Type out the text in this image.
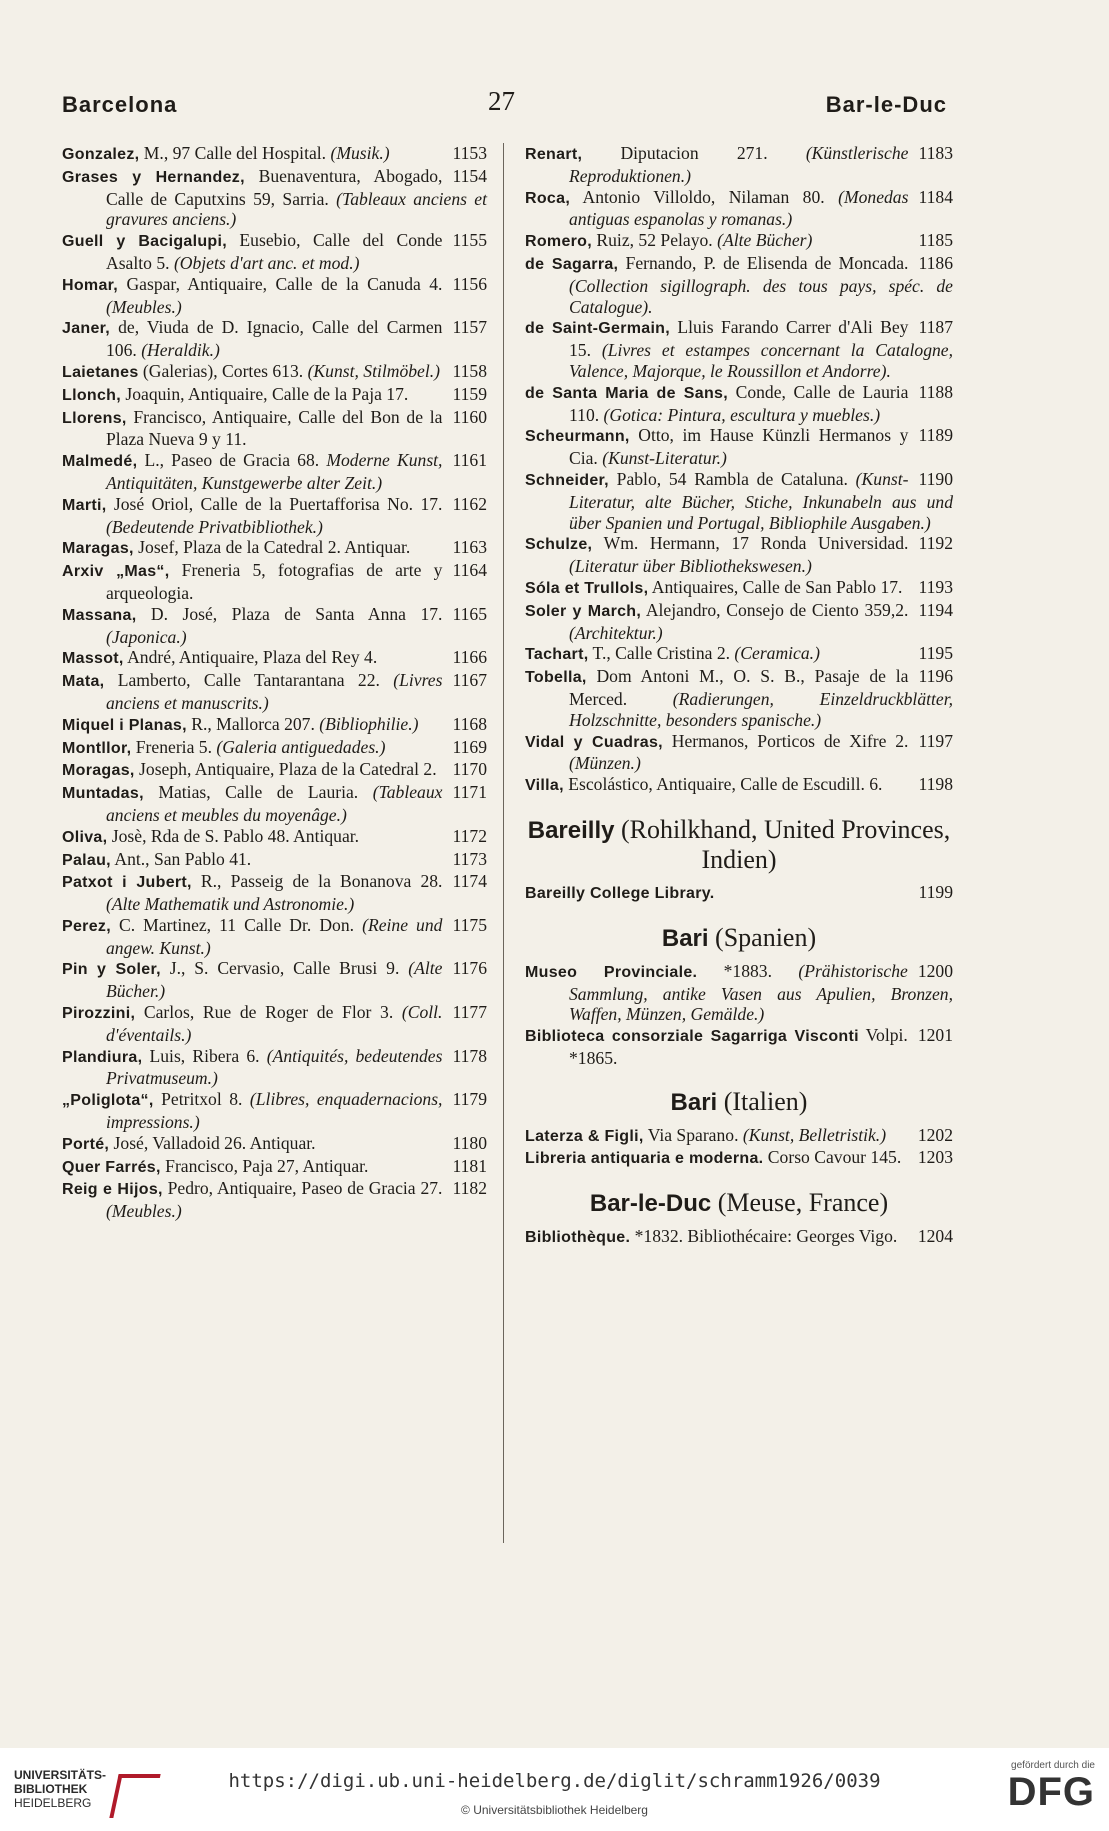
Barcelona	27	Bar-le-Duc

1153
Gonzalez, M., 97 Calle del Hospital. (Musik.)

1154
Grases y Hernandez, Buenaventura, Abogado, Calle de Caputxins 59, Sarria. (Tableaux anciens et gravures anciens.)

1155
Guell y Bacigalupi, Eusebio, Calle del Conde Asalto 5. (Objets d'art anc. et mod.)

1156
Homar, Gaspar, Antiquaire, Calle de la Canuda 4. (Meubles.)

1157
Janer, de, Viuda de D. Ignacio, Calle del Carmen 106. (Heraldik.)

1158
Laietanes (Galerias), Cortes 613. (Kunst, Stilmöbel.)

1159
Llonch, Joaquin, Antiquaire, Calle de la Paja 17.

1160
Llorens, Francisco, Antiquaire, Calle del Bon de la Plaza Nueva 9 y 11.

1161
Malmedé, L., Paseo de Gracia 68. Moderne Kunst, Antiquitäten, Kunstgewerbe alter Zeit.)

1162
Marti, José Oriol, Calle de la Puertafforisa No. 17. (Bedeutende Privatbibliothek.)

1163
Maragas, Josef, Plaza de la Catedral 2. Antiquar.

1164
Arxiv „Mas“, Freneria 5, fotografias de arte y arqueologia.

1165
Massana, D. José, Plaza de Santa Anna 17. (Japonica.)

1166
Massot, André, Antiquaire, Plaza del Rey 4.

1167
Mata, Lamberto, Calle Tantarantana 22. (Livres anciens et manuscrits.)

1168
Miquel i Planas, R., Mallorca 207. (Bibliophilie.)

1169
Montllor, Freneria 5. (Galeria antiguedades.)

1170
Moragas, Joseph, Antiquaire, Plaza de la Catedral 2.

1171
Muntadas, Matias, Calle de Lauria. (Tableaux anciens et meubles du moyenâge.)

1172
Oliva, Josè, Rda de S. Pablo 48. Antiquar.

1173
Palau, Ant., San Pablo 41.

1174
Patxot i Jubert, R., Passeig de la Bonanova 28. (Alte Mathematik und Astronomie.)

1175
Perez, C. Martinez, 11 Calle Dr. Don. (Reine und angew. Kunst.)

1176
Pin y Soler, J., S. Cervasio, Calle Brusi 9. (Alte Bücher.)

1177
Pirozzini, Carlos, Rue de Roger de Flor 3. (Coll. d'éventails.)

1178
Plandiura, Luis, Ribera 6. (Antiquités, bedeutendes Privatmuseum.)

1179
„Poliglota“, Petritxol 8. (Llibres, enquadernacions, impressions.)

1180
Porté, José, Valladoid 26. Antiquar.

1181
Quer Farrés, Francisco, Paja 27, Antiquar.

1182
Reig e Hijos, Pedro, Antiquaire, Paseo de Gracia 27. (Meubles.)

1183
Renart, Diputacion 271. (Künstlerische Reproduktionen.)

1184
Roca, Antonio Villoldo, Nilaman 80. (Monedas antiguas espanolas y romanas.)

1185
Romero, Ruiz, 52 Pelayo. (Alte Bücher)

1186
de Sagarra, Fernando, P. de Elisenda de Moncada. (Collection sigillograph. des tous pays, spéc. de Catalogue).

1187
de Saint-Germain, Lluis Farando Carrer d'Ali Bey 15. (Livres et estampes concernant la Catalogne, Valence, Majorque, le Roussillon et Andorre).

1188
de Santa Maria de Sans, Conde, Calle de Lauria 110. (Gotica: Pintura, escultura y muebles.)

1189
Scheurmann, Otto, im Hause Künzli Hermanos y Cia. (Kunst-Literatur.)

1190
Schneider, Pablo, 54 Rambla de Cataluna. (Kunst-Literatur, alte Bücher, Stiche, Inkunabeln aus und über Spanien und Portugal, Bibliophile Ausgaben.)

1192
Schulze, Wm. Hermann, 17 Ronda Universidad. (Literatur über Bibliothekswesen.)

1193
Sóla et Trullols, Antiquaires, Calle de San Pablo 17.

1194
Soler y March, Alejandro, Consejo de Ciento 359,2. (Architektur.)

1195
Tachart, T., Calle Cristina 2. (Ceramica.)

1196
Tobella, Dom Antoni M., O. S. B., Pasaje de la Merced. (Radierungen, Einzeldruckblätter, Holzschnitte, besonders spanische.)

1197
Vidal y Cuadras, Hermanos, Porticos de Xifre 2. (Münzen.)

1198
Villa, Escolástico, Antiquaire, Calle de Escudill. 6.

Bareilly (Rohilkhand, United Provinces, Indien)

1199
Bareilly College Library.

Bari (Spanien)

1200
Museo Provinciale. *1883. (Prähistorische Sammlung, antike Vasen aus Apulien, Bronzen, Waffen, Münzen, Gemälde.)

1201
Biblioteca consorziale Sagarriga Visconti Volpi. *1865.

Bari (Italien)

1202
Laterza & Figli, Via Sparano. (Kunst, Belletristik.)

1203
Libreria antiquaria e moderna. Corso Cavour 145.

Bar-le-Duc (Meuse, France)

1204
Bibliothèque. *1832. Bibliothécaire: Georges Vigo.

UNIVERSITÄTS-
BIBLIOTHEK
HEIDELBERG
https://digi.ub.uni-heidelberg.de/diglit/schramm1926/0039
© Universitätsbibliothek Heidelberg
gefördert durch die
DFG
